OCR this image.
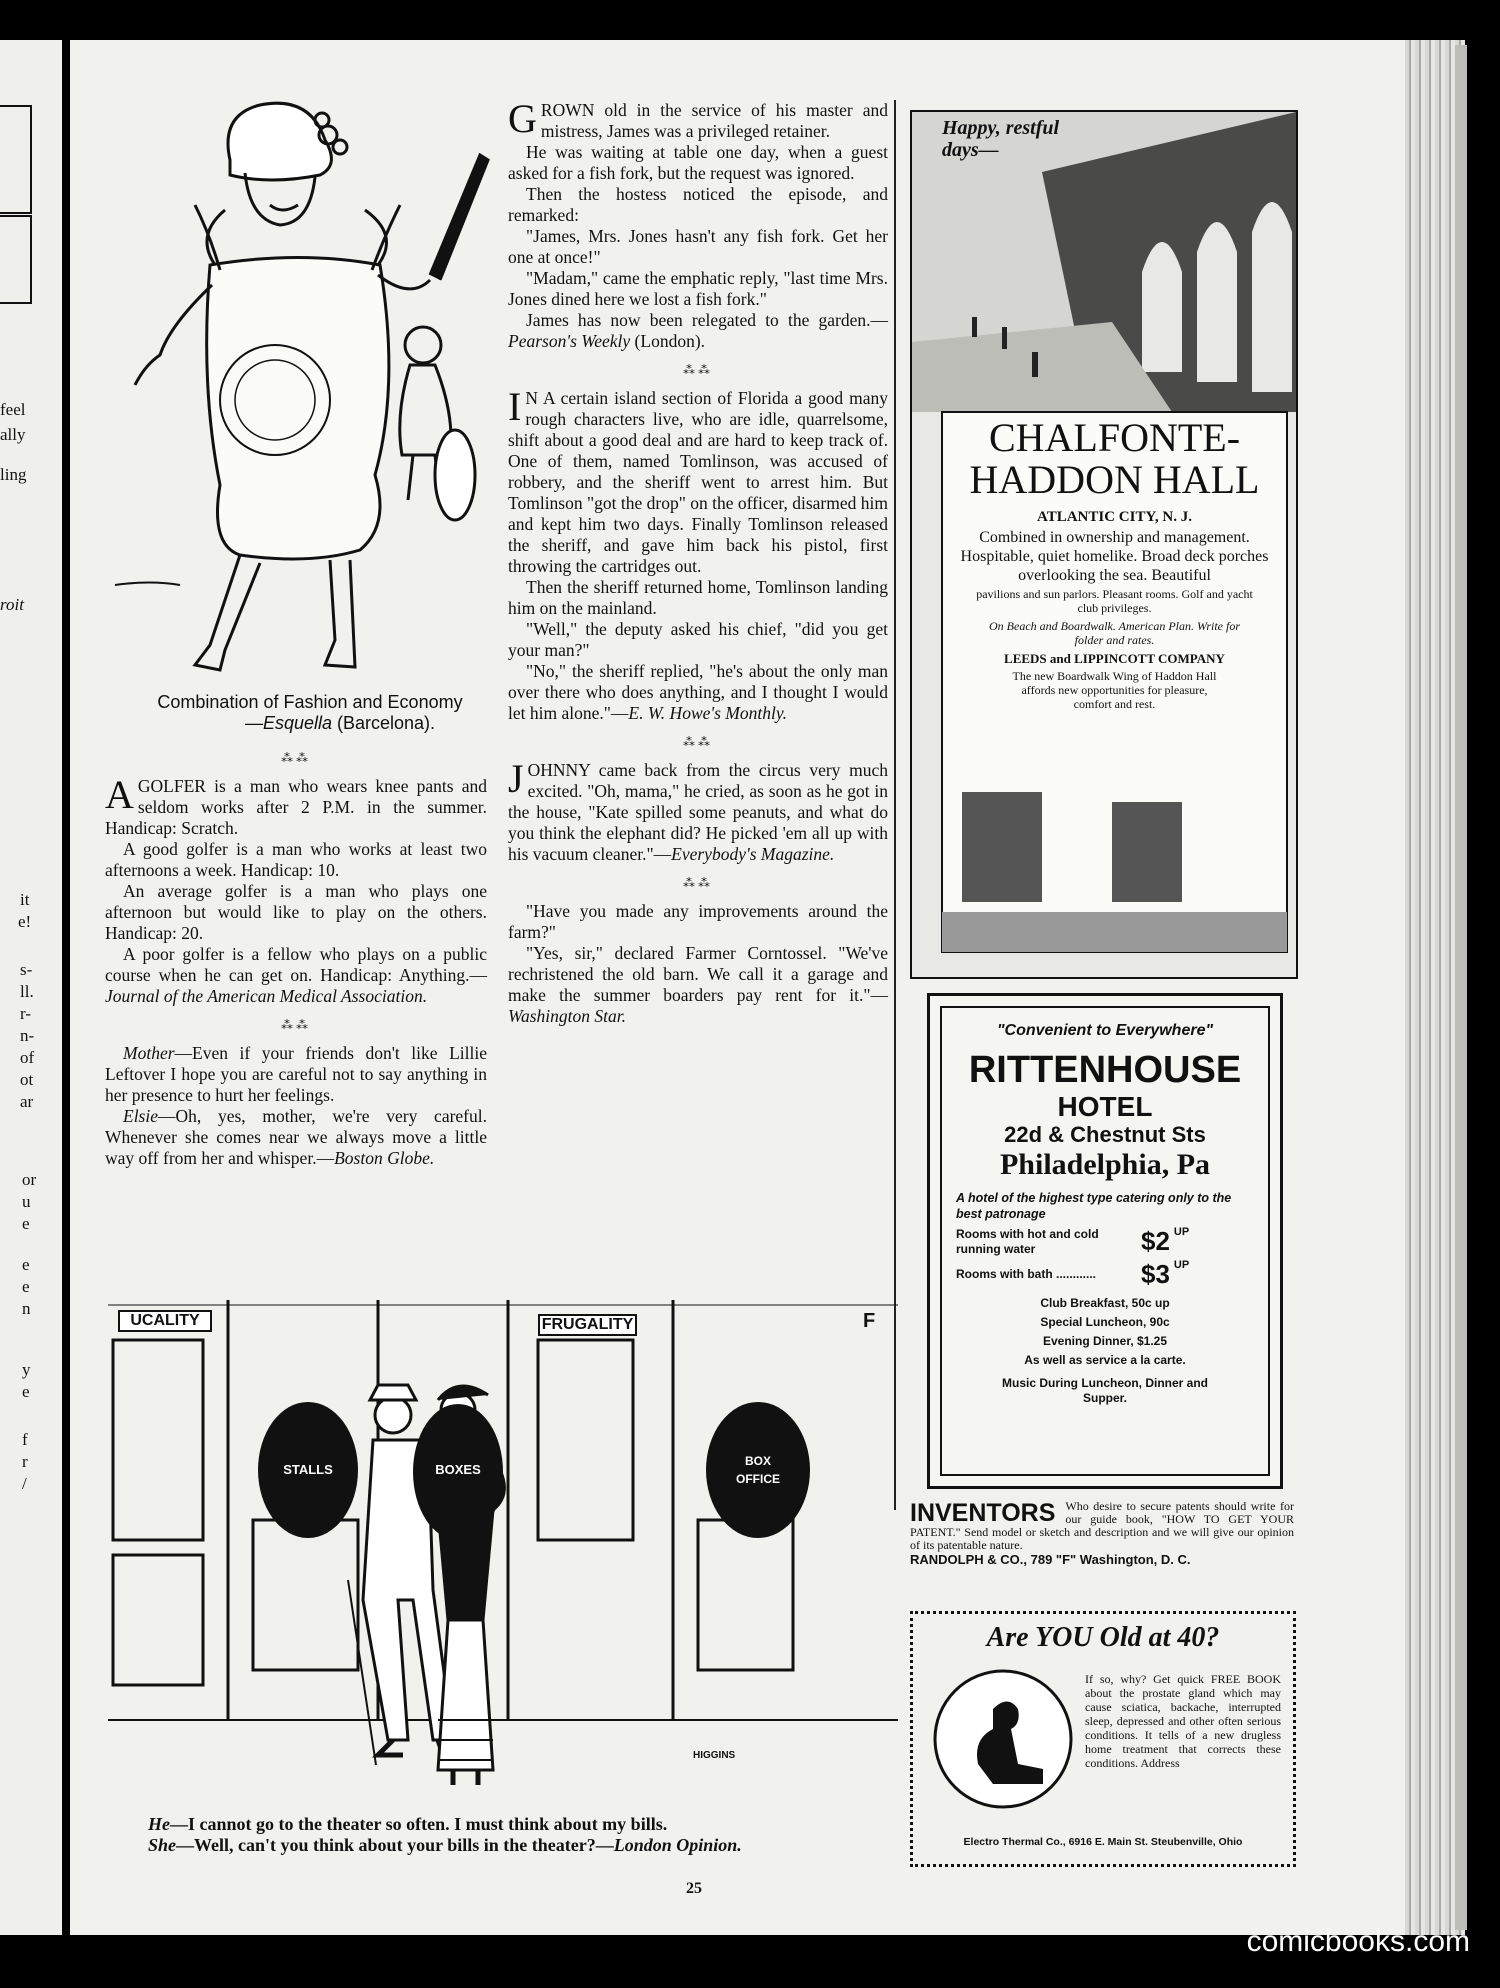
feel
ally
ling
roit
it
e!
s-
ll.
r-
n-
of
ot
ar
or
u
e
e
e
n
y
e
f
r
/
Combination of Fashion and Economy
—Esquella (Barcelona).
⁂⁂

AGOLFER is a man who wears knee pants and seldom works after 2 P.M. in the summer. Handicap: Scratch.

A good golfer is a man who works at least two afternoons a week. Handicap: 10.

An average golfer is a man who plays one afternoon but would like to play on the others. Handicap: 20.

A poor golfer is a fellow who plays on a public course when he can get on. Handicap: Anything.—Journal of the American Medical Association.

⁂⁂

Mother—Even if your friends don't like Lillie Leftover I hope you are careful not to say anything in her presence to hurt her feelings.

Elsie—Oh, yes, mother, we're very careful. Whenever she comes near we always move a little way off from her and whisper.—Boston Globe.

GROWN old in the service of his master and mistress, James was a privileged retainer.

He was waiting at table one day, when a guest asked for a fish fork, but the request was ignored.

Then the hostess noticed the episode, and remarked:

"James, Mrs. Jones hasn't any fish fork. Get her one at once!"

"Madam," came the emphatic reply, "last time Mrs. Jones dined here we lost a fish fork."

James has now been relegated to the garden.—Pearson's Weekly (London).

⁂⁂

I N A certain island section of Florida a good many rough characters live, who are idle, quarrelsome, shift about a good deal and are hard to keep track of. One of them, named Tomlinson, was accused of robbery, and the sheriff went to arrest him. But Tomlinson "got the drop" on the officer, disarmed him and kept him two days. Finally Tomlinson released the sheriff, and gave him back his pistol, first throwing the cartridges out.

Then the sheriff returned home, Tomlinson landing him on the mainland.

"Well," the deputy asked his chief, "did you get your man?"

"No," the sheriff replied, "he's about the only man over there who does anything, and I thought I would let him alone."—E. W. Howe's Monthly.

⁂⁂

JOHNNY came back from the circus very much excited. "Oh, mama," he cried, as soon as he got in the house, "Kate spilled some peanuts, and what do you think the elephant did? He picked 'em all up with his vacuum cleaner."—Everybody's Magazine.

⁂⁂

"Have you made any improvements around the farm?"

"Yes, sir," declared Farmer Corntossel. "We've rechristened the old barn. We call it a garage and make the summer boarders pay rent for it."—Washington Star.

UCALITY	FRUGALITY
STALLS	BOXES
BOX
OFFICE
F
HIGGINS
He—I cannot go to the theater so often. I must think about my bills.
She—Well, can't you think about your bills in the theater?—London Opinion.
25
Happy, restful
days—
CHALFONTE-
HADDON HALL
ATLANTIC CITY, N. J.
Combined in ownership and management. Hospitable, quiet homelike. Broad deck porches overlooking the sea. Beautiful
pavilions and sun parlors. Pleasant rooms. Golf and yacht club privileges.
On Beach and Boardwalk. American Plan. Write for folder and rates.
LEEDS and LIPPINCOTT COMPANY
The new Boardwalk Wing of Haddon Hall affords new opportunities for pleasure, comfort and rest.
"Convenient to Everywhere"
RITTENHOUSE
HOTEL
22d & Chestnut Sts
Philadelphia, Pa
A hotel of the highest type catering only to the best patronage
Rooms with hot and cold running water	$2 UP
Rooms with bath ............	$3 UP
Club Breakfast, 50c up
Special Luncheon, 90c
Evening Dinner, $1.25
As well as service a la carte.
Music During Luncheon, Dinner and Supper.
INVENTORS Who desire to secure patents should write for our guide book, "HOW TO GET YOUR PATENT." Send model or sketch and description and we will give our opinion of its patentable nature.
RANDOLPH & CO., 789 "F" Washington, D. C.
Are YOU Old at 40?
If so, why? Get quick FREE BOOK about the prostate gland which may cause sciatica, backache, interrupted sleep, depressed and other often serious conditions. It tells of a new drugless home treatment that corrects these conditions. Address
Electro Thermal Co., 6916 E. Main St. Steubenville, Ohio
comicbooks.com
